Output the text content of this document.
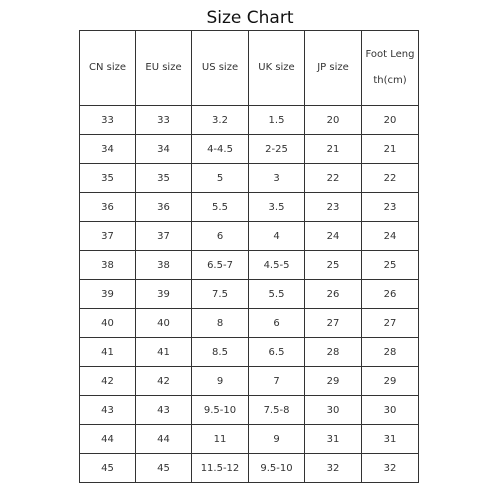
Size Chart
CN size	EU size	US size	UK size	JP size	Foot Length(cm)

33	33	3.2	1.5	20	20
34	34	4-4.5	2-25	21	21
35	35	5	3	22	22
36	36	5.5	3.5	23	23
37	37	6	4	24	24
38	38	6.5-7	4.5-5	25	25
39	39	7.5	5.5	26	26
40	40	8	6	27	27
41	41	8.5	6.5	28	28
42	42	9	7	29	29
43	43	9.5-10	7.5-8	30	30
44	44	11	9	31	31
45	45	11.5-12	9.5-10	32	32
